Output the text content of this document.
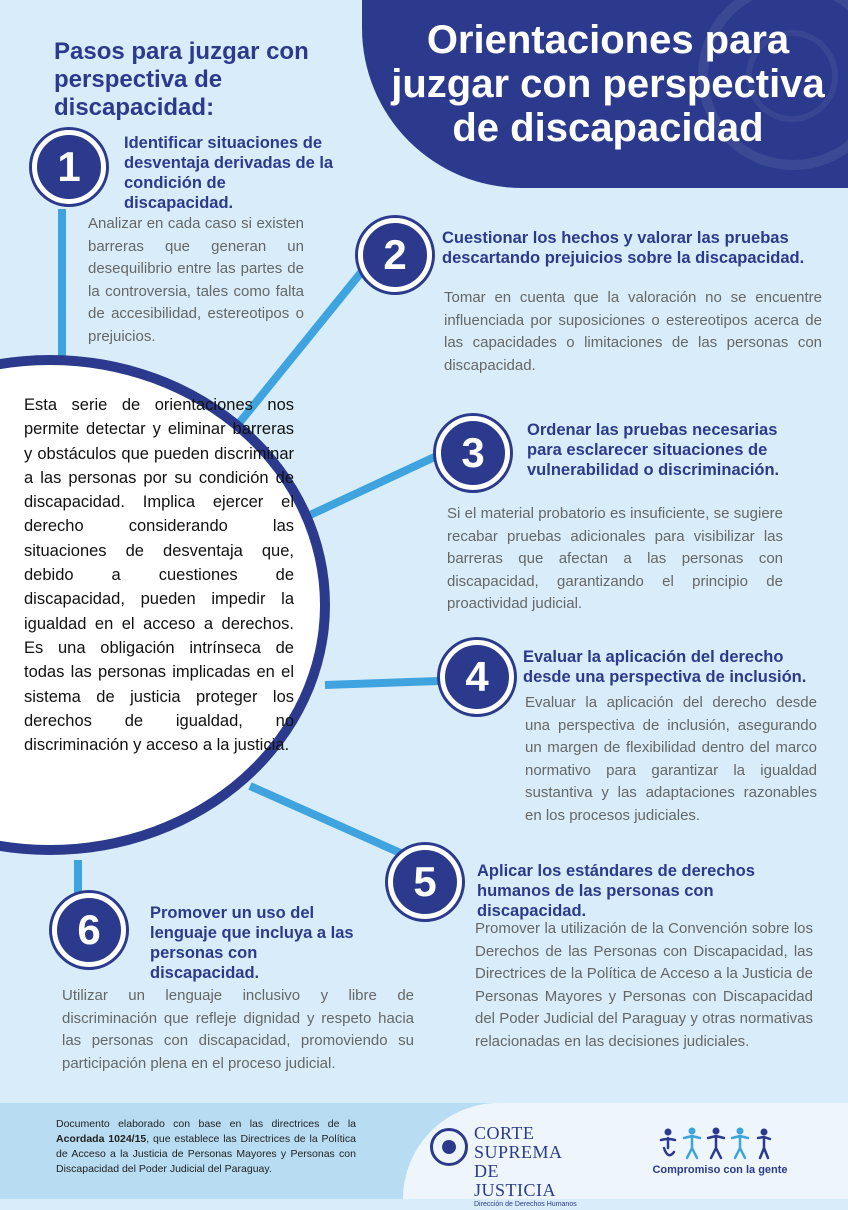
Orientaciones para juzgar con perspectiva de discapacidad
Pasos para juzgar con perspectiva de discapacidad:
Esta serie de orientaciones nos permite detectar y eliminar barreras y obstáculos que pueden discriminar a las personas por su condición de discapacidad. Implica ejercer el derecho considerando las situaciones de desventaja que, debido a cuestiones de discapacidad, pueden impedir la igualdad en el acceso a derechos. Es una obligación intrínseca de todas las personas implicadas en el sistema de justicia proteger los derechos de igualdad, no discriminación y acceso a la justicia.
1	Identificar situaciones de desventaja derivadas de la condición de discapacidad.
Analizar en cada caso si existen barreras que generan un desequilibrio entre las partes de la controversia, tales como falta de accesibilidad, estereotipos o prejuicios.
2	Cuestionar los hechos y valorar las pruebas descartando prejuicios sobre la discapacidad.
Tomar en cuenta que la valoración no se encuentre influenciada por suposiciones o estereotipos acerca de las capacidades o limitaciones de las personas con discapacidad.
3	Ordenar las pruebas necesarias para esclarecer situaciones de vulnerabilidad o discriminación.
Si el material probatorio es insuficiente, se sugiere recabar pruebas adicionales para visibilizar las barreras que afectan a las personas con discapacidad, garantizando el principio de proactividad judicial.
4	Evaluar la aplicación del derecho desde una perspectiva de inclusión.
Evaluar la aplicación del derecho desde una perspectiva de inclusión, asegurando un margen de flexibilidad dentro del marco normativo para garantizar la igualdad sustantiva y las adaptaciones razonables en los procesos judiciales.
5	Aplicar los estándares de derechos humanos de las personas con discapacidad.
Promover la utilización de la Convención sobre los Derechos de las Personas con Discapacidad, las Directrices de la Política de Acceso a la Justicia de Personas Mayores y Personas con Discapacidad del Poder Judicial del Paraguay y otras normativas relacionadas en las decisiones judiciales.
6	Promover un uso del lenguaje que incluya a las personas con discapacidad.
Utilizar un lenguaje inclusivo y libre de discriminación que refleje dignidad y respeto hacia las personas con discapacidad, promoviendo su participación plena en el proceso judicial.
Documento elaborado con base en las directrices de la Acordada 1024/15, que establece las Directrices de la Política de Acceso a la Justicia de Personas Mayores y Personas con Discapacidad del Poder Judicial del Paraguay.
CORTE
SUPREMA
DE JUSTICIA
Dirección de Derechos Humanos
Compromiso con la gente
